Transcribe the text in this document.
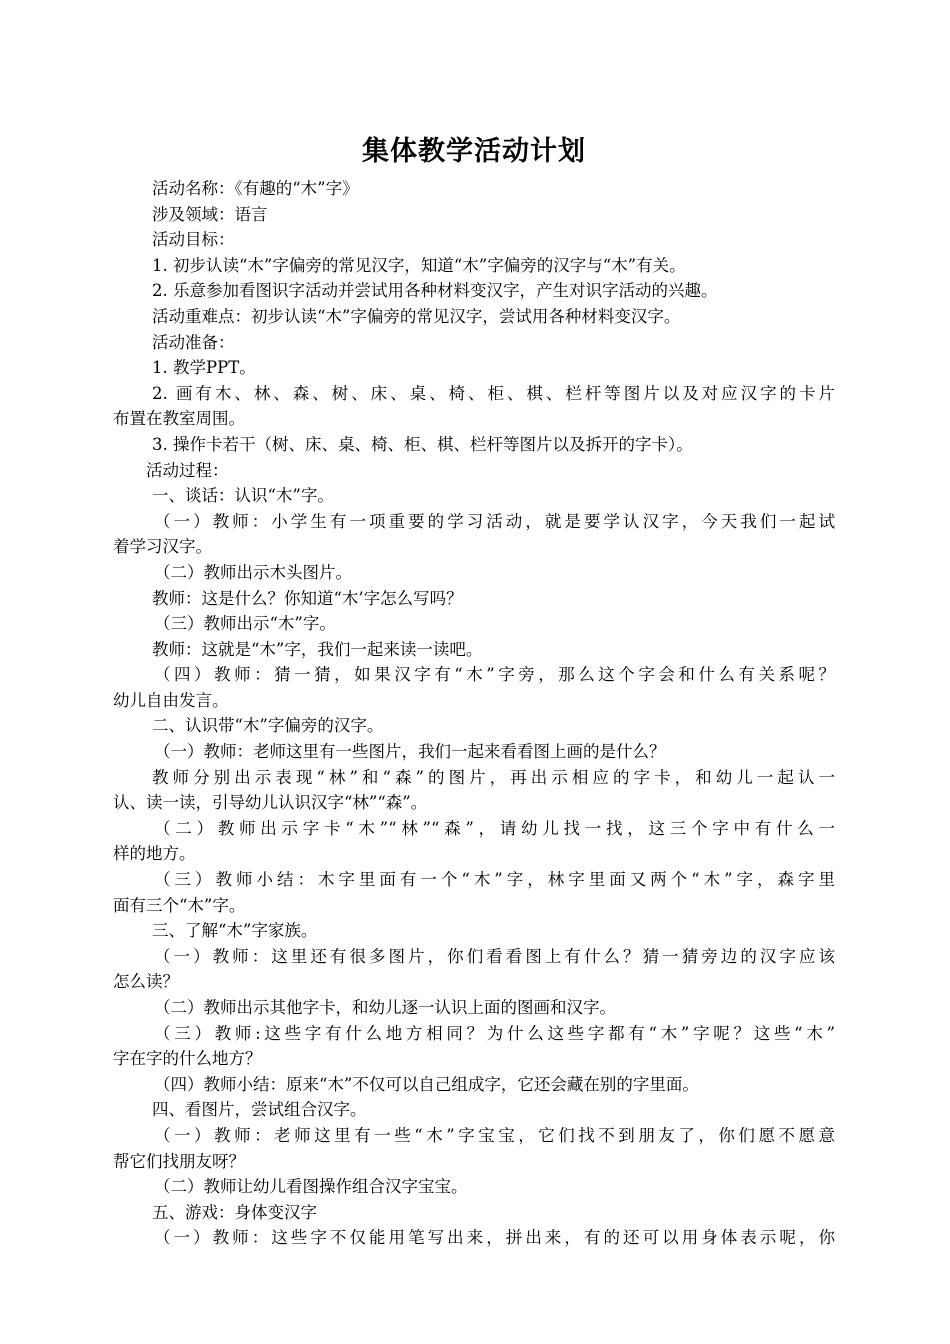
集体教学活动计划
活动名称：《有趣的“木”字》
涉及领域：语言
活动目标：
1. 初步认读“木”字偏旁的常见汉字，知道“木”字偏旁的汉字与“木”有关。
2. 乐意参加看图识字活动并尝试用各种材料变汉字，产生对识字活动的兴趣。
活动重难点：初步认读“木”字偏旁的常见汉字，尝试用各种材料变汉字。
活动准备：
1. 教学PPT。
2. 画有木、林、森、树、床、桌、椅、柜、棋、栏杆等图片以及对应汉字的卡片
布置在教室周围。
3. 操作卡若干（树、床、桌、椅、柜、棋、栏杆等图片以及拆开的字卡）。
活动过程：
一、谈话：认识“木”字。
（一）教师：小学生有一项重要的学习活动，就是要学认汉字，今天我们一起试
着学习汉字。
（二）教师出示木头图片。
教师：这是什么？你知道“木’字怎么写吗？
（三）教师出示“木”字。
教师：这就是“木”字，我们一起来读一读吧。
（四）教师：猜一猜，如果汉字有“木”字旁，那么这个字会和什么有关系呢？
幼儿自由发言。
二、认识带“木”字偏旁的汉字。
（一）教师：老师这里有一些图片，我们一起来看看图上画的是什么？
教师分别出示表现“林”和“森”的图片，再出示相应的字卡，和幼儿一起认一
认、读一读，引导幼儿认识汉字“林”“森”。
（二）教师出示字卡“木”“林”“森”，请幼儿找一找，这三个字中有什么一
样的地方。
（三）教师小结：木字里面有一个“木”字，林字里面又两个“木”字，森字里
面有三个“木”字。
三、了解“木”字家族。
（一）教师：这里还有很多图片，你们看看图上有什么？猜一猜旁边的汉字应该
怎么读？
（二）教师出示其他字卡，和幼儿逐一认识上面的图画和汉字。
（三）教师:这些字有什么地方相同？为什么这些字都有“木”字呢？这些“木”
字在字的什么地方？
（四）教师小结：原来“木”不仅可以自己组成字，它还会藏在别的字里面。
四、看图片，尝试组合汉字。
（一）教师：老师这里有一些“木”字宝宝，它们找不到朋友了，你们愿不愿意
帮它们找朋友呀？
（二）教师让幼儿看图操作组合汉字宝宝。
五、游戏：身体变汉字
（一）教师：这些字不仅能用笔写出来，拼出来，有的还可以用身体表示呢，你
